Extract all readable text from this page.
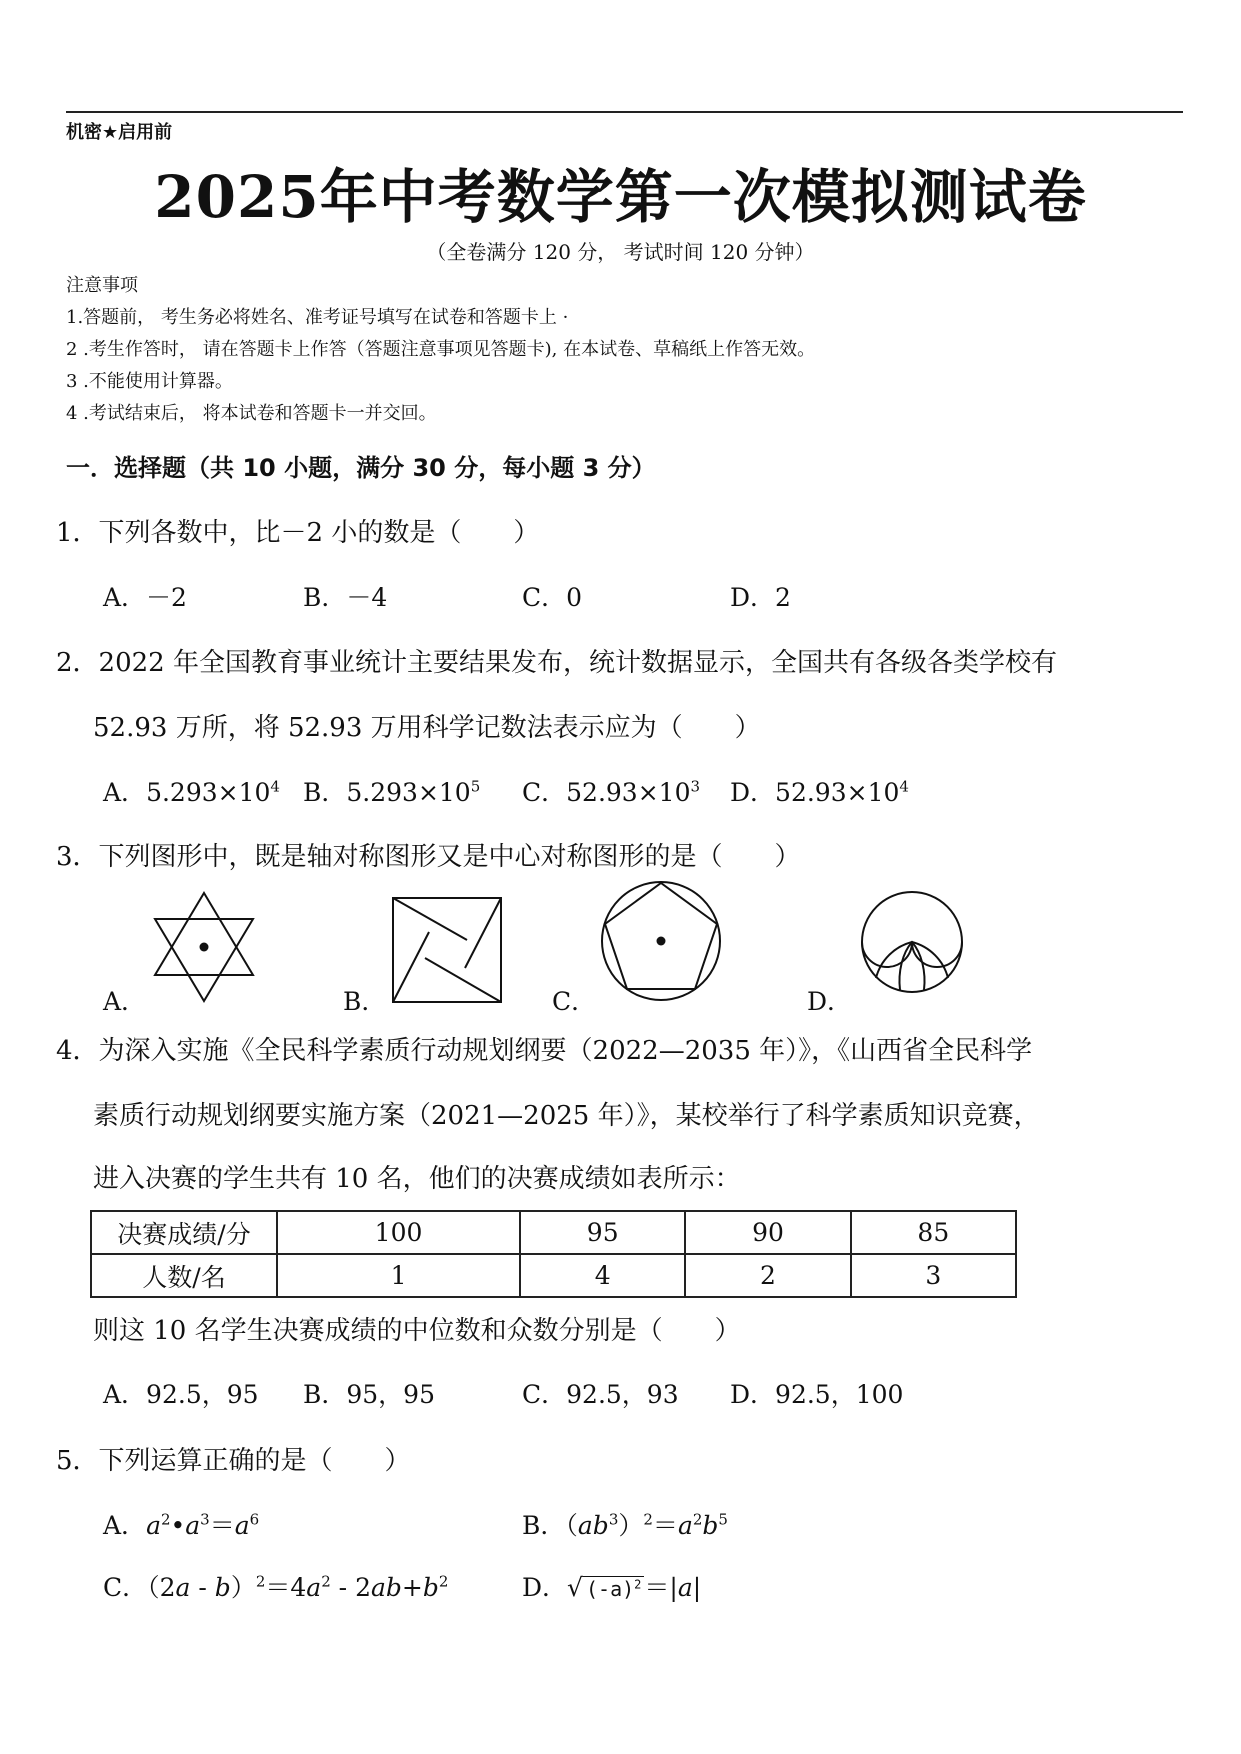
机密★启用前
2025年中考数学第一次模拟测试卷
（全卷满分 120 分， 考试时间 120 分钟）
注意事项
1.答题前， 考生务必将姓名、准考证号填写在试卷和答题卡上 ·
2 .考生作答时， 请在答题卡上作答（答题注意事项见答题卡), 在本试卷、草稿纸上作答无效。
3 .不能使用计算器。
4 .考试结束后， 将本试卷和答题卡一并交回。
一．选择题（共 10 小题，满分 30 分，每小题 3 分）
1．下列各数中，比－2 小的数是（　　）
A．－2	B．－4	C．0	D．2
2．2022 年全国教育事业统计主要结果发布，统计数据显示，全国共有各级各类学校有
52.93 万所，将 52.93 万用科学记数法表示应为（　　）
A．$5.293\times 10^4$ B．$5.293\times 10^5$ C．$52.93\times 10^3$ D．$52.93\times 10^4$
3．下列图形中，既是轴对称图形又是中心对称图形的是（　　）
A．	B．	C．	D．
4．为深入实施《全民科学素质行动规划纲要（2022—2035 年）》，《山西省全民科学
素质行动规划纲要实施方案（2021—2025 年）》，某校举行了科学素质知识竞赛，
进入决赛的学生共有 10 名，他们的决赛成绩如表所示：
决赛成绩/分	100	95	90	85
人数/名	1	4	2	3
则这 10 名学生决赛成绩的中位数和众数分别是（　　）
A．92.5，95 B．95，95	C．92.5，93 D．92.5，100
5．下列运算正确的是（　　）
A．$a^2•a^3=a^6$	B．$(ab^3)^2=a^2b^5$
C．$(2a - b)^2=4a^2 - 2ab+b^2$	D．√ $(-a)^2 =|a|$
